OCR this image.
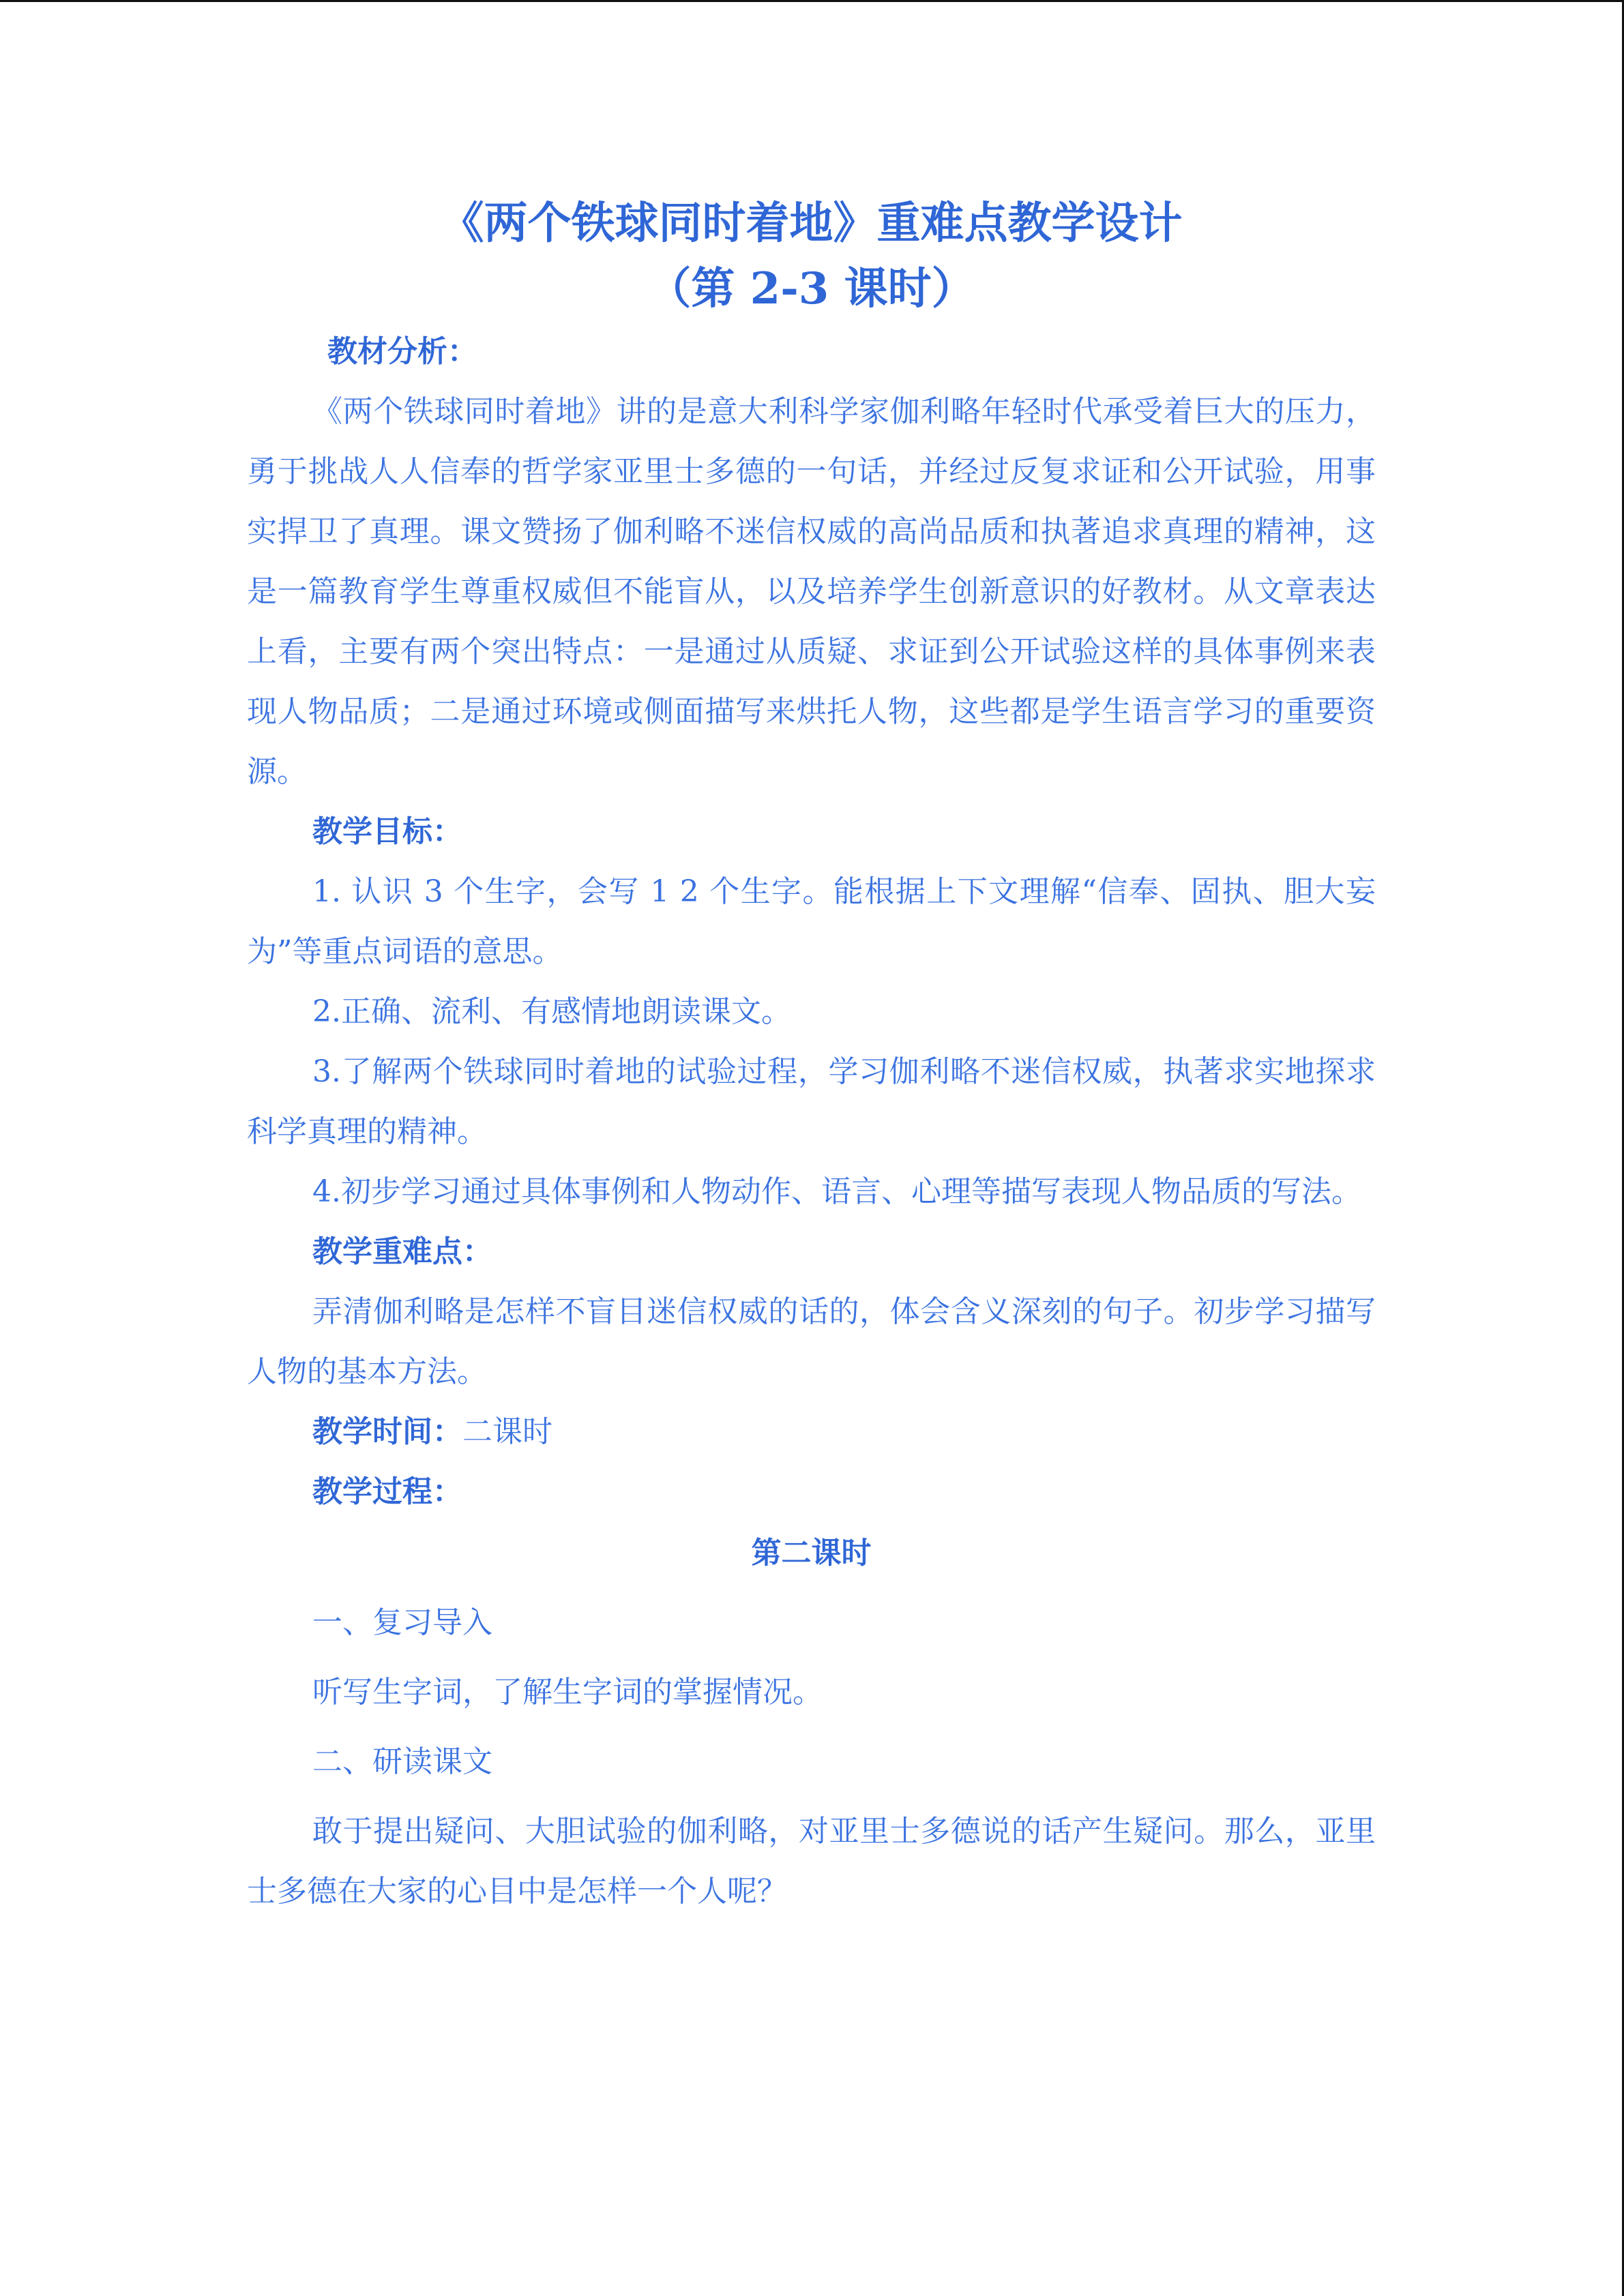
《两个铁球同时着地》重难点教学设计
（第 2-3 课时）
教材分析：
《两个铁球同时着地》讲的是意大利科学家伽利略年轻时代承受着巨大的压力，勇于挑战人人信奉的哲学家亚里士多德的一句话，并经过反复求证和公开试验，用事实捍卫了真理。课文赞扬了伽利略不迷信权威的高尚品质和执著追求真理的精神，这是一篇教育学生尊重权威但不能盲从，以及培养学生创新意识的好教材。从文章表达上看，主要有两个突出特点：一是通过从质疑、求证到公开试验这样的具体事例来表现人物品质；二是通过环境或侧面描写来烘托人物，这些都是学生语言学习的重要资源。
教学目标：
1. 认识 3 个生字，会写 1 2 个生字。能根据上下文理解“信奉、固执、胆大妄为”等重点词语的意思。
2.正确、流利、有感情地朗读课文。
3.了解两个铁球同时着地的试验过程，学习伽利略不迷信权威，执著求实地探求科学真理的精神。
4.初步学习通过具体事例和人物动作、语言、心理等描写表现人物品质的写法。
教学重难点：
弄清伽利略是怎样不盲目迷信权威的话的，体会含义深刻的句子。初步学习描写人物的基本方法。
教学时间：二课时
教学过程：
第二课时
一、复习导入
听写生字词，了解生字词的掌握情况。
二、研读课文
敢于提出疑问、大胆试验的伽利略，对亚里士多德说的话产生疑问。那么，亚里士多德在大家的心目中是怎样一个人呢？
